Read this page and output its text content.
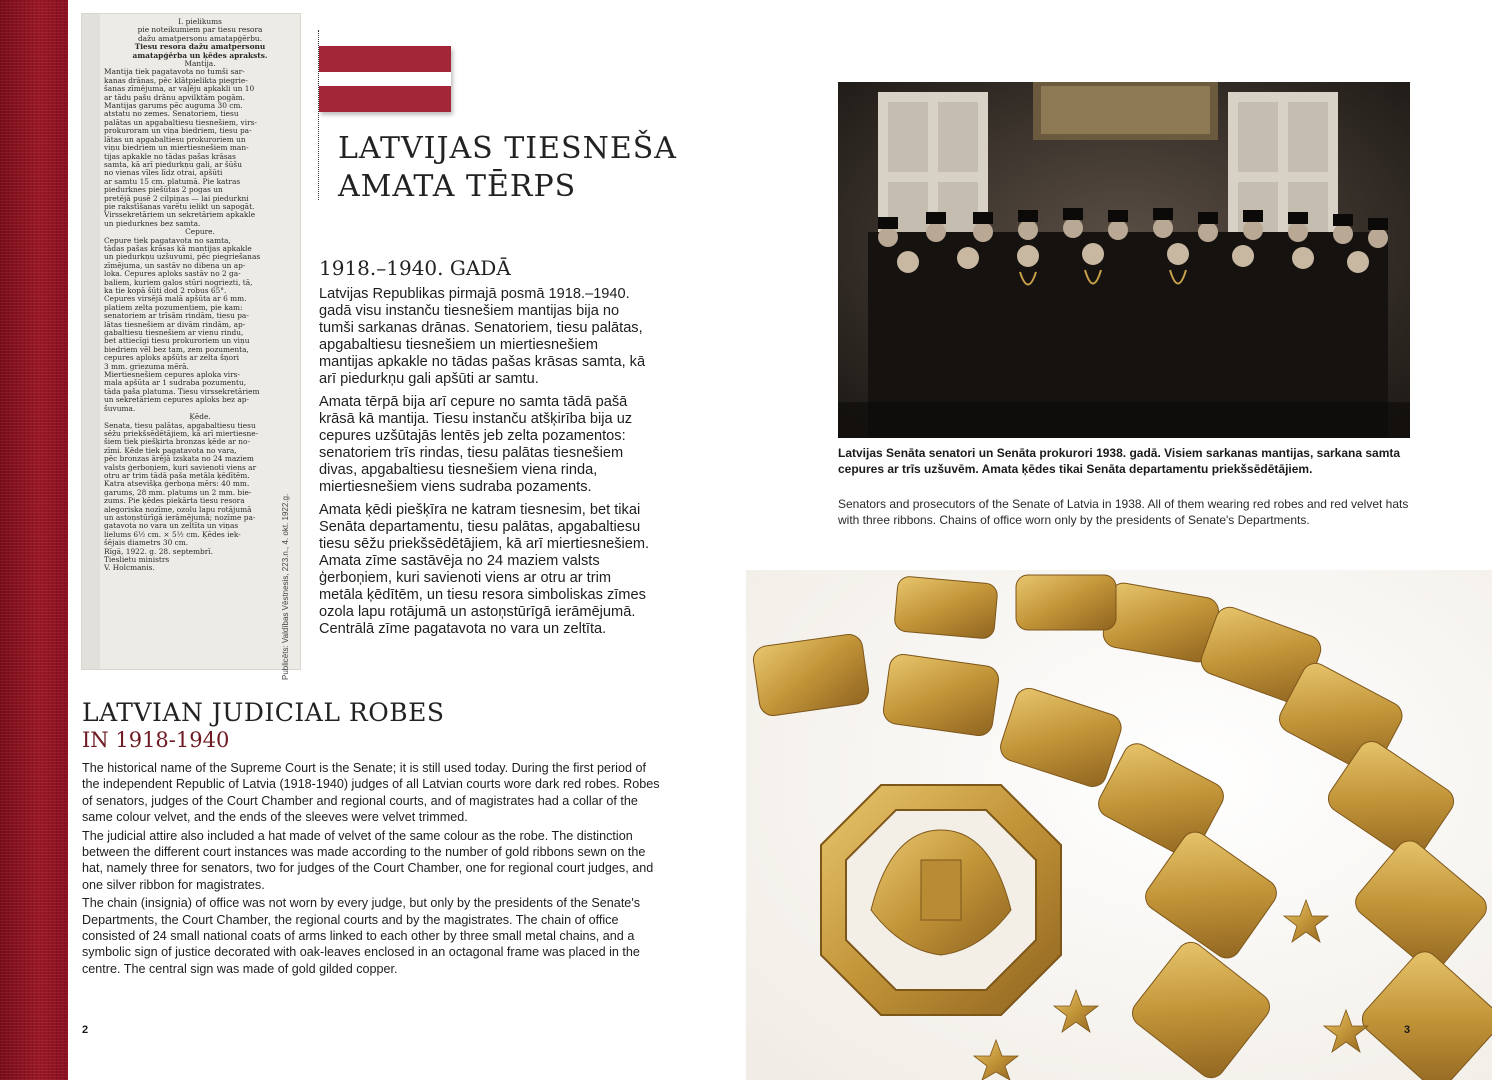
I. pielikums
pie noteikumiem par tiesu resora
dažu amatpersonu amatapģērbu.
Tiesu resora dažu amatpersonu
amatapģērba un ķēdes apraksts.
Mantija.
Mantija tiek pagatavota no tumši sar-
kanas drānas, pēc klātpielikta piegrie-
šanas zīmējuma, ar vaļēju apkakli un 10
ar tādu pašu drānu apvilktām pogām.
Mantijas garums pēc auguma 30 cm.
atstatu no zemes. Senatoriem, tiesu
palātas un apgabaltiesu tiesnešiem, virs-
prokuroram un viņa biedriem, tiesu pa-
lātas un apgabaltiesu prokuroriem un
viņu biedriem un miertiesnešiem man-
tijas apkakle no tādas pašas krāsas
samta, kā arī piedurkņu gali, ar šūšu
no vienas vīles līdz otrai, apšūti
ar samtu 15 cm. platumā. Pie katras
piedurknes piešūtas 2 pogas un
pretējā pusē 2 cilpiņas — lai piedurkni
pie rakstīšanas varētu ielikt un sapogāt.
Virssekretāriem un sekretāriem apkakle
un piedurknes bez samta.
Cepure.
Cepure tiek pagatavota no samta,
tādas pašas krāsas kā mantijas apkakle
un piedurkņu uzšuvumi, pēc piegriešanas
zīmējuma, un sastāv no dibena un ap-
loka. Cepures aploks sastāv no 2 ga-
baliem, kuriem galos stūri nogriezti, tā,
ka tie kopā šūti dod 2 robus 65°.
Cepures virsējā malā apšūta ar 6 mm.
platiem zelta pozumentiem, pie kam:
senatoriem ar trīsām rindām, tiesu pa-
lātas tiesnešiem ar divām rindām, ap-
gabaltiesu tiesnešiem ar vienu rindu,
bet attiecīgi tiesu prokuroriem un viņu
biedriem vēl bez tam, zem pozumenta,
cepures aploks apšūts ar zelta šņori
3 mm. griezuma mērā.
Miertiesnešiem cepures aploka virs-
mala apšūta ar 1 sudraba pozumentu,
tāda paša platuma. Tiesu virssekretāriem
un sekretāriem cepures aploks bez ap-
šuvuma.
Ķēde.
Senata, tiesu palātas, apgabaltiesu tiesu
sēžu priekšsēdētājiem, kā arī miertiesne-
šiem tiek piešķirta bronzas ķēde ar no-
zīmi. Ķēde tiek pagatavota no vara,
pēc bronzas ārējā izskata no 24 maziem
valsts ģerboņiem, kuri savienoti viens ar
otru ar trim tādā paša metāla ķēdītēm.
Katra atsevišķa ģerboņa mērs: 40 mm.
garums, 28 mm. platums un 2 mm. bie-
zums. Pie ķēdes piekārta tiesu resora
alegoriska nozīme, ozolu lapu rotājumā
un astoņstūrīgā ierāmējumā; nozīme pa-
gatavota no vara un zeltīta un viņas
lielums 6½ cm. × 5½ cm. Ķēdes iek-
šējais diametrs 30 cm.
Rīgā, 1922. g. 28. septembrī.
Tieslietu ministrs
V. Holcmanis.	Publicēts: Valdības Vēstnesis, 223.n., 4. okt. 1922.g.
LATVIJAS TIESNEŠA
AMATA TĒRPS
1918.–1940. GADĀ

Latvijas Republikas pirmajā posmā 1918.–1940. gadā visu instanču tiesnešiem mantijas bija no tumši sarkanas drānas. Senatoriem, tiesu palātas, apgabaltiesu tiesnešiem un miertiesnešiem mantijas apkakle no tādas pašas krāsas samta, kā arī piedurkņu gali apšūti ar samtu.

Amata tērpā bija arī cepure no samta tādā pašā krāsā kā mantija. Tiesu instanču atšķirība bija uz cepures uzšūtajās lentēs jeb zelta pozamentos: senatoriem trīs rindas, tiesu palātas tiesnešiem divas, apgabaltiesu tiesnešiem viena rinda, miertiesnešiem viens sudraba pozaments.

Amata ķēdi piešķīra ne katram tiesnesim, bet tikai Senāta departamentu, tiesu palātas, apgabaltiesu tiesu sēžu priekšsēdētājiem, kā arī miertiesnešiem. Amata zīme sastāvēja no 24 maziem valsts ģerboņiem, kuri savienoti viens ar otru ar trim metāla ķēdītēm, un tiesu resora simboliskas zīmes ozola lapu rotājumā un astoņstūrīgā ierāmējumā. Centrālā zīme pagatavota no vara un zeltīta.

LATVIAN JUDICIAL ROBES
IN 1918-1940

The historical name of the Supreme Court is the Senate; it is still used today. During the first period of the independent Republic of Latvia (1918-1940) judges of all Latvian courts wore dark red robes. Robes of senators, judges of the Court Chamber and regional courts, and of magistrates had a collar of the same colour velvet, and the ends of the sleeves were velvet trimmed.

The judicial attire also included a hat made of velvet of the same colour as the robe. The distinction between the different court instances was made according to the number of gold ribbons sewn on the hat, namely three for senators, two for judges of the Court Chamber, one for regional court judges, and one silver ribbon for magistrates.

The chain (insignia) of office was not worn by every judge, but only by the presidents of the Senate's Departments, the Court Chamber, the regional courts and by the magistrates. The chain of office consisted of 24 small national coats of arms linked to each other by three small metal chains, and a symbolic sign of justice decorated with oak-leaves enclosed in an octagonal frame was placed in the centre. The central sign was made of gold gilded copper.

2
Latvijas Senāta senatori un Senāta prokurori 1938. gadā. Visiem sarkanas mantijas, sarkana samta cepures ar trīs uzšuvēm. Amata ķēdes tikai Senāta departamentu priekšsēdētājiem.
Senators and prosecutors of the Senate of Latvia in 1938. All of them wearing red robes and red velvet hats with three ribbons. Chains of office worn only by the presidents of Senate's Departments.
3
